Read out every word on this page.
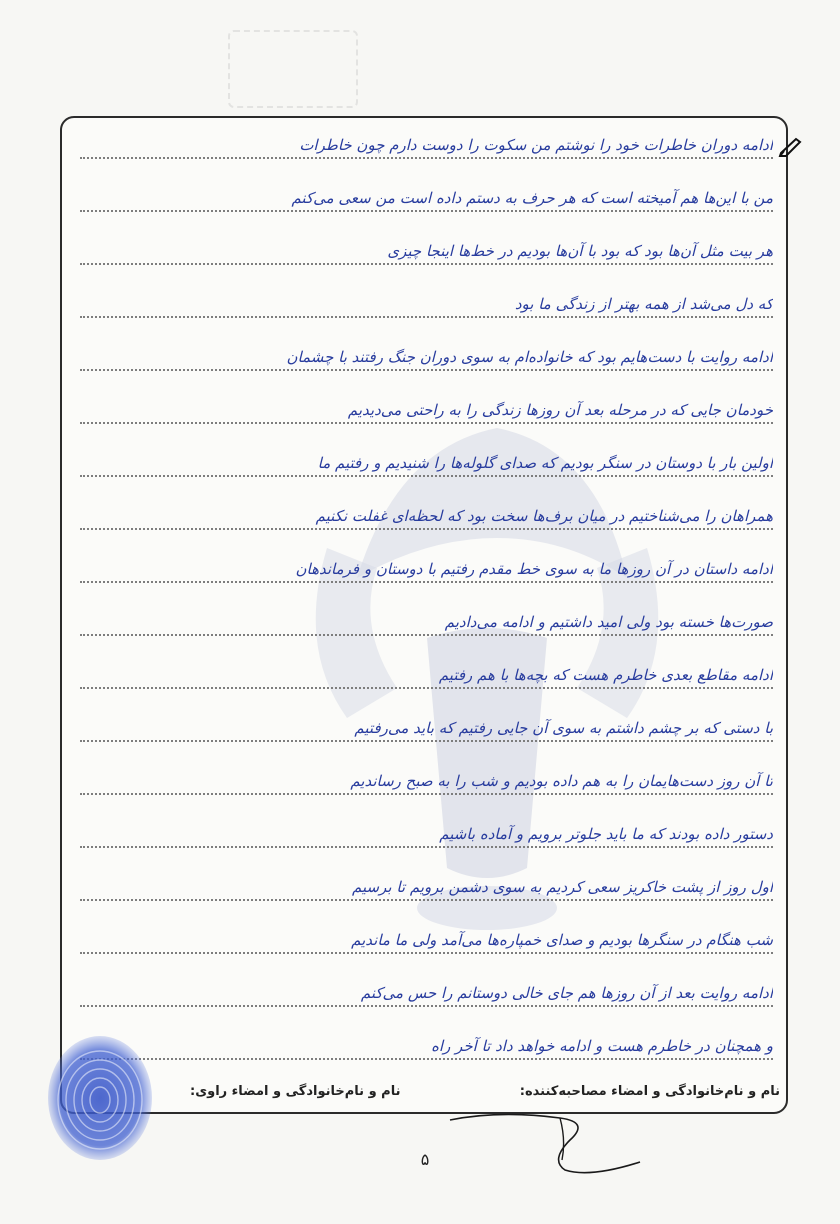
ادامه دوران خاطرات خود را نوشتم من سکوت را دوست دارم چون خاطرات
من با این‌ها هم آمیخته است که هر حرف به دستم داده است من سعی می‌کنم
هر بیت مثل آن‌ها بود که بود با آن‌ها بودیم در خط‌ها اینجا چیزی
که دل می‌شد از همه بهتر از زندگی ما بود
ادامه روایت با دست‌هایم بود که خانواده‌ام به سوی دوران جنگ رفتند با چشمان
خودمان جایی که در مرحله بعد آن روزها زندگی را به راحتی می‌دیدیم
اولین بار با دوستان در سنگر بودیم که صدای گلوله‌ها را شنیدیم و رفتیم ما
همراهان را می‌شناختیم در میان برف‌ها سخت بود که لحظه‌ای غفلت نکنیم
ادامه داستان در آن روزها ما به سوی خط مقدم رفتیم با دوستان و فرماندهان
صورت‌ها خسته بود ولی امید داشتیم و ادامه می‌دادیم
ادامه مقاطع بعدی خاطرم هست که بچه‌ها با هم رفتیم
با دستی که بر چشم داشتم به سوی آن جایی رفتیم که باید می‌رفتیم
تا آن روز دست‌هایمان را به هم داده بودیم و شب را به صبح رساندیم
دستور داده بودند که ما باید جلوتر برویم و آماده باشیم
اول روز از پشت خاکریز سعی کردیم به سوی دشمن برویم تا برسیم
شب هنگام در سنگرها بودیم و صدای خمپاره‌ها می‌آمد ولی ما ماندیم
ادامه روایت بعد از آن روزها هم جای خالی دوستانم را حس می‌کنم
و همچنان در خاطرم هست و ادامه خواهد داد تا آخر راه
نام و نام‌خانوادگی و امضاء مصاحبه‌کننده:
نام و نام‌خانوادگی و امضاء راوی:
۵
